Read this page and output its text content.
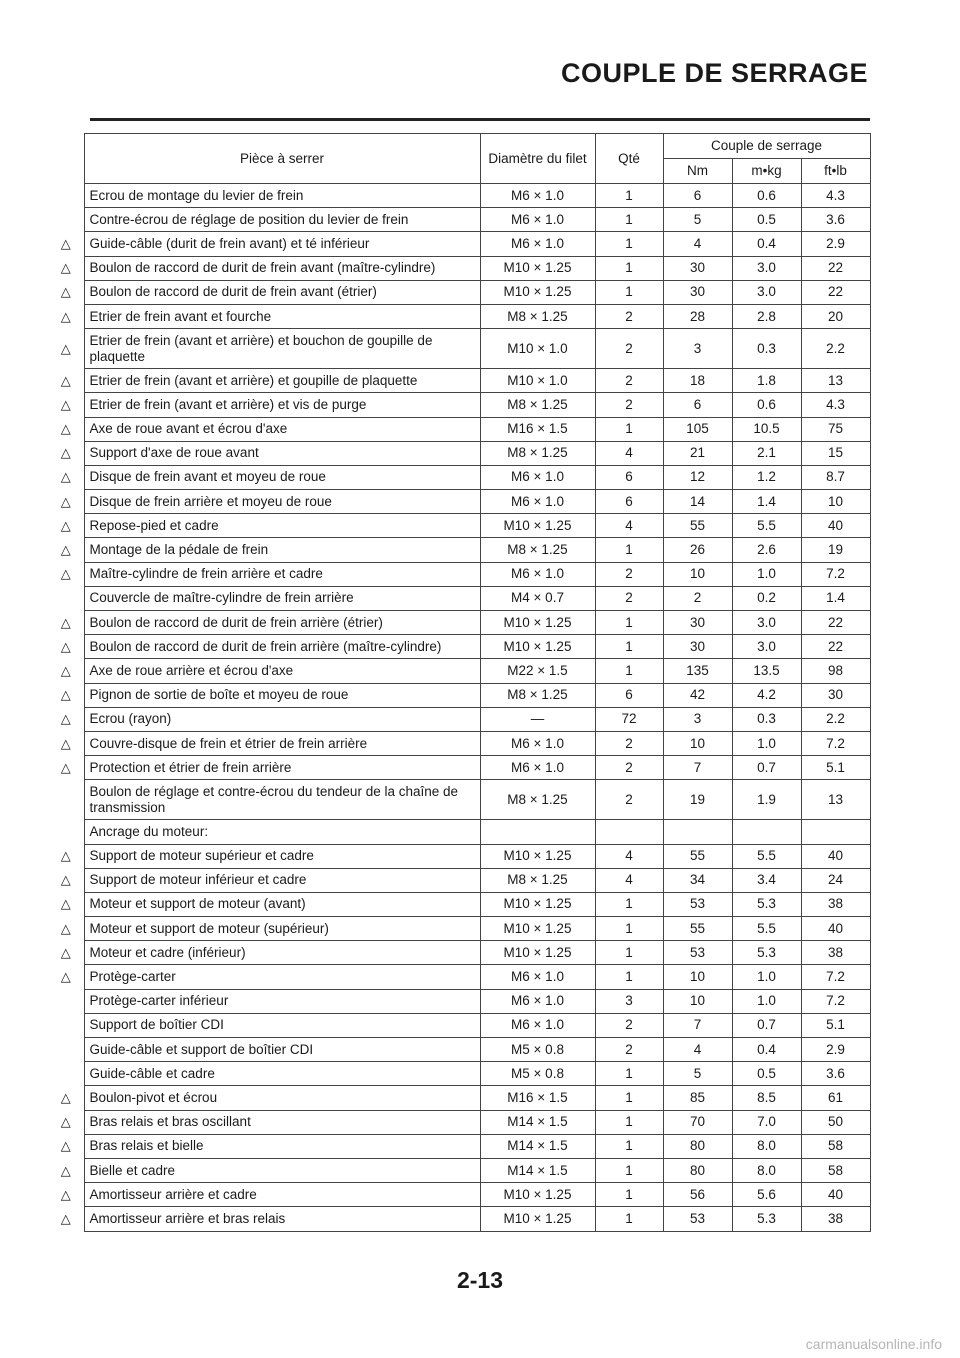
COUPLE DE SERRAGE
	Pièce à serrer	Diamètre du filet	Qté	Couple de serrage		
				Nm	m•kg	ft•lb
	Ecrou de montage du levier de frein	M6 × 1.0	1	6	0.6	4.3
	Contre-écrou de réglage de position du levier de frein	M6 × 1.0	1	5	0.5	3.6
△	Guide-câble (durit de frein avant) et té inférieur	M6 × 1.0	1	4	0.4	2.9
△	Boulon de raccord de durit de frein avant (maître-cylindre)	M10 × 1.25	1	30	3.0	22
△	Boulon de raccord de durit de frein avant (étrier)	M10 × 1.25	1	30	3.0	22
△	Etrier de frein avant et fourche	M8 × 1.25	2	28	2.8	20
△	Etrier de frein (avant et arrière) et bouchon de goupille de plaquette	M10 × 1.0	2	3	0.3	2.2
△	Etrier de frein (avant et arrière) et goupille de plaquette	M10 × 1.0	2	18	1.8	13
△	Etrier de frein (avant et arrière) et vis de purge	M8 × 1.25	2	6	0.6	4.3
△	Axe de roue avant et écrou d'axe	M16 × 1.5	1	105	10.5	75
△	Support d'axe de roue avant	M8 × 1.25	4	21	2.1	15
△	Disque de frein avant et moyeu de roue	M6 × 1.0	6	12	1.2	8.7
△	Disque de frein arrière et moyeu de roue	M6 × 1.0	6	14	1.4	10
△	Repose-pied et cadre	M10 × 1.25	4	55	5.5	40
△	Montage de la pédale de frein	M8 × 1.25	1	26	2.6	19
△	Maître-cylindre de frein arrière et cadre	M6 × 1.0	2	10	1.0	7.2
	Couvercle de maître-cylindre de frein arrière	M4 × 0.7	2	2	0.2	1.4
△	Boulon de raccord de durit de frein arrière (étrier)	M10 × 1.25	1	30	3.0	22
△	Boulon de raccord de durit de frein arrière (maître-cylindre)	M10 × 1.25	1	30	3.0	22
△	Axe de roue arrière et écrou d'axe	M22 × 1.5	1	135	13.5	98
△	Pignon de sortie de boîte et moyeu de roue	M8 × 1.25	6	42	4.2	30
△	Ecrou (rayon)	—	72	3	0.3	2.2
△	Couvre-disque de frein et étrier de frein arrière	M6 × 1.0	2	10	1.0	7.2
△	Protection et étrier de frein arrière	M6 × 1.0	2	7	0.7	5.1
	Boulon de réglage et contre-écrou du tendeur de la chaîne de transmission	M8 × 1.25	2	19	1.9	13
	Ancrage du moteur:					
△	Support de moteur supérieur et cadre	M10 × 1.25	4	55	5.5	40
△	Support de moteur inférieur et cadre	M8 × 1.25	4	34	3.4	24
△	Moteur et support de moteur (avant)	M10 × 1.25	1	53	5.3	38
△	Moteur et support de moteur (supérieur)	M10 × 1.25	1	55	5.5	40
△	Moteur et cadre (inférieur)	M10 × 1.25	1	53	5.3	38
△	Protège-carter	M6 × 1.0	1	10	1.0	7.2
	Protège-carter inférieur	M6 × 1.0	3	10	1.0	7.2
	Support de boîtier CDI	M6 × 1.0	2	7	0.7	5.1
	Guide-câble et support de boîtier CDI	M5 × 0.8	2	4	0.4	2.9
	Guide-câble et cadre	M5 × 0.8	1	5	0.5	3.6
△	Boulon-pivot et écrou	M16 × 1.5	1	85	8.5	61
△	Bras relais et bras oscillant	M14 × 1.5	1	70	7.0	50
△	Bras relais et bielle	M14 × 1.5	1	80	8.0	58
△	Bielle et cadre	M14 × 1.5	1	80	8.0	58
△	Amortisseur arrière et cadre	M10 × 1.25	1	56	5.6	40
△	Amortisseur arrière et bras relais	M10 × 1.25	1	53	5.3	38
2-13
carmanualsonline.info
